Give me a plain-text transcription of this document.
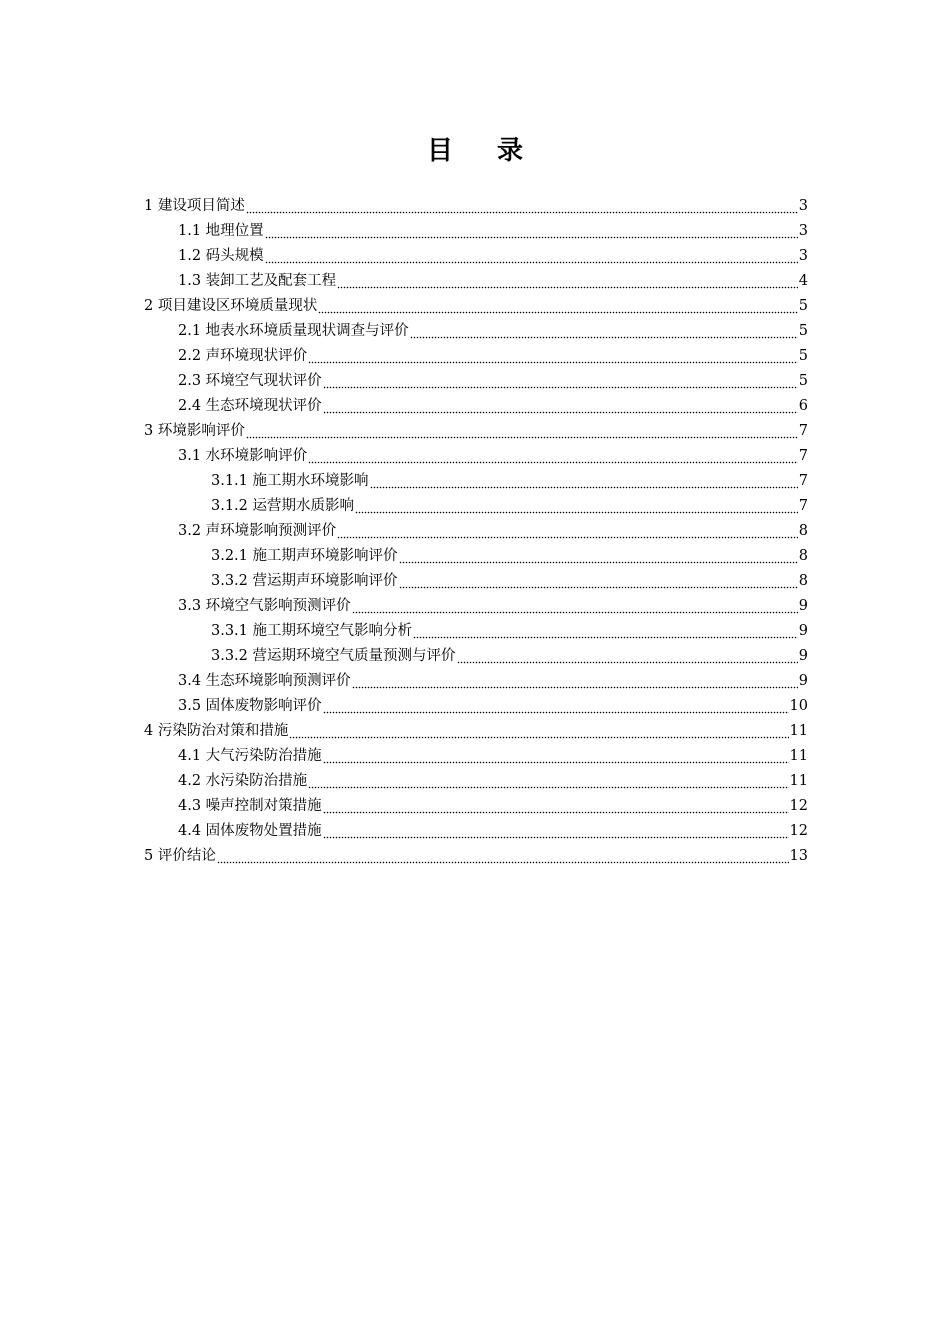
目 录
1 建设项目简述	3
1.1 地理位置	3
1.2 码头规模	3
1.3 装卸工艺及配套工程	4
2 项目建设区环境质量现状	5
2.1 地表水环境质量现状调查与评价	5
2.2 声环境现状评价	5
2.3 环境空气现状评价	5
2.4 生态环境现状评价	6
3 环境影响评价	7
3.1 水环境影响评价	7
3.1.1 施工期水环境影响	7
3.1.2 运营期水质影响	7
3.2 声环境影响预测评价	8
3.2.1 施工期声环境影响评价	8
3.3.2 营运期声环境影响评价	8
3.3 环境空气影响预测评价	9
3.3.1 施工期环境空气影响分析	9
3.3.2 营运期环境空气质量预测与评价	9
3.4 生态环境影响预测评价	9
3.5 固体废物影响评价	10
4 污染防治对策和措施	11
4.1 大气污染防治措施	11
4.2 水污染防治措施	11
4.3 噪声控制对策措施	12
4.4 固体废物处置措施	12
5 评价结论	13
